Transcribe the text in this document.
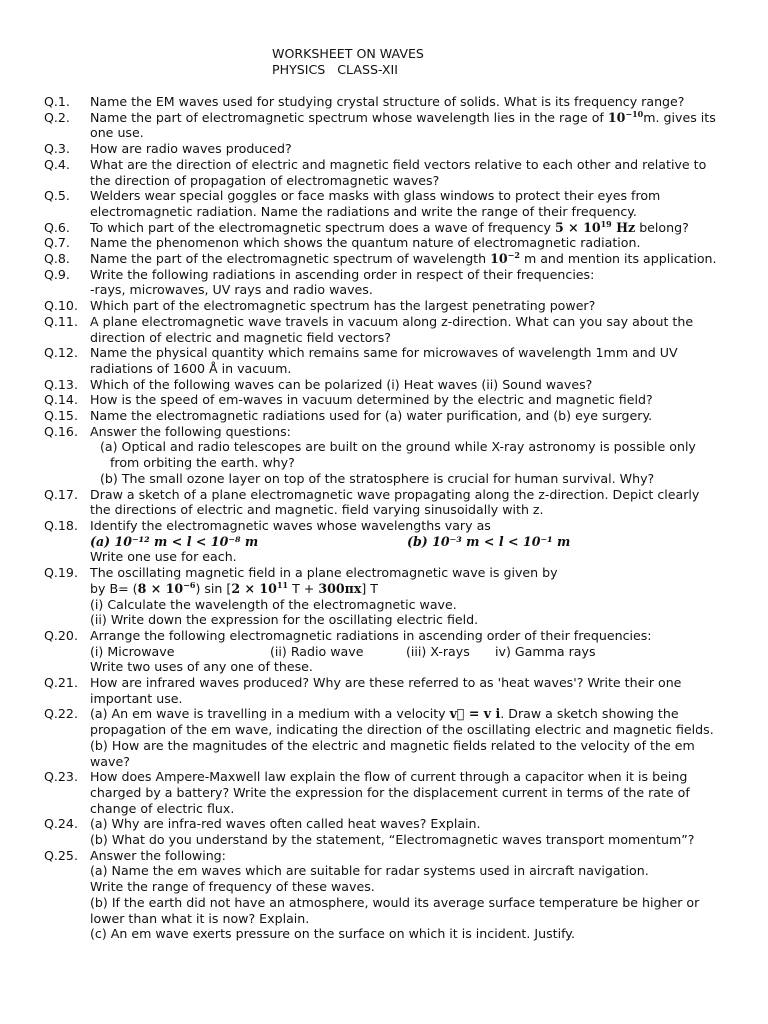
WORKSHEET ON WAVES
PHYSICS   CLASS-XII
Q.1.	Name the EM waves used for studying crystal structure of solids. What is its frequency range?
Q.2.	Name the part of electromagnetic spectrum whose wavelength lies in the rage of $10^{-10}m$. gives its one use.
Q.3.	How are radio waves produced?
Q.4.	What are the direction of electric and magnetic field vectors relative to each other and relative to the direction of propagation of electromagnetic waves?
Q.5.	Welders wear special goggles or face masks with glass windows to protect their eyes from electromagnetic radiation. Name the radiations and write the range of their frequency.
Q.6.	To which part of the electromagnetic spectrum does a wave of frequency $5 \times 10^{19}$ Hz belong?
Q.7.	Name the phenomenon which shows the quantum nature of electromagnetic radiation.
Q.8.	Name the part of the electromagnetic spectrum of wavelength $10^{-2}$ m and mention its application.
Q.9.	Write the following radiations in ascending order in respect of their frequencies:
-rays, microwaves, UV rays and radio waves.
Q.10. Which part of the electromagnetic spectrum has the largest penetrating power?
Q.11. A plane electromagnetic wave travels in vacuum along z-direction. What can you say about the direction of electric and magnetic field vectors?
Q.12. Name the physical quantity which remains same for microwaves of wavelength 1mm and UV radiations of 1600 Å in vacuum.
Q.13. Which of the following waves can be polarized (i) Heat waves (ii) Sound waves?
Q.14. How is the speed of em-waves in vacuum determined by the electric and magnetic field?
Q.15. Name the electromagnetic radiations used for (a) water purification, and (b) eye surgery.
Q.16. Answer the following questions:
(a) Optical and radio telescopes are built on the ground while X-ray astronomy is possible only from orbiting the earth. why?
(b) The small ozone layer on top of the stratosphere is crucial for human survival. Why?
Q.17. Draw a sketch of a plane electromagnetic wave propagating along the z-direction. Depict clearly the directions of electric and magnetic. field varying sinusoidally with z.
Q.18. Identify the electromagnetic waves whose wavelengths vary as
(a) 10⁻¹² m < l < 10⁻⁸ m	(b) 10⁻³ m < l < 10⁻¹ m
Write one use for each.
Q.19. The oscillating magnetic field in a plane electromagnetic wave is given by
by $B= (8 \times 10^{-6})$ $\sin [2 \times 10^{11}$ T + 300πx] T
(i) Calculate the wavelength of the electromagnetic wave.
(ii) Write down the expression for the oscillating electric field.
Q.20. Arrange the following electromagnetic radiations in ascending order of their frequencies:
(i) Microwave	(ii) Radio wave	(iii) X-rays	iv) Gamma rays
Write two uses of any one of these.
Q.21. How are infrared waves produced? Why are these referred to as 'heat waves'? Write their one important use.
Q.22. (a) An em wave is travelling in a medium with a velocity v⃗ = v i. Draw a sketch showing the propagation of the em wave, indicating the direction of the oscillating electric and magnetic fields.
(b) How are the magnitudes of the electric and magnetic fields related to the velocity of the em wave?
Q.23. How does Ampere-Maxwell law explain the flow of current through a capacitor when it is being charged by a battery? Write the expression for the displacement current in terms of the rate of change of electric flux.
Q.24. (a) Why are infra-red waves often called heat waves? Explain.
(b) What do you understand by the statement, “Electromagnetic waves transport momentum”?
Q.25. Answer the following:
(a) Name the em waves which are suitable for radar systems used in aircraft navigation.
Write the range of frequency of these waves.
(b) If the earth did not have an atmosphere, would its average surface temperature be higher or lower than what it is now? Explain.
(c) An em wave exerts pressure on the surface on which it is incident. Justify.
